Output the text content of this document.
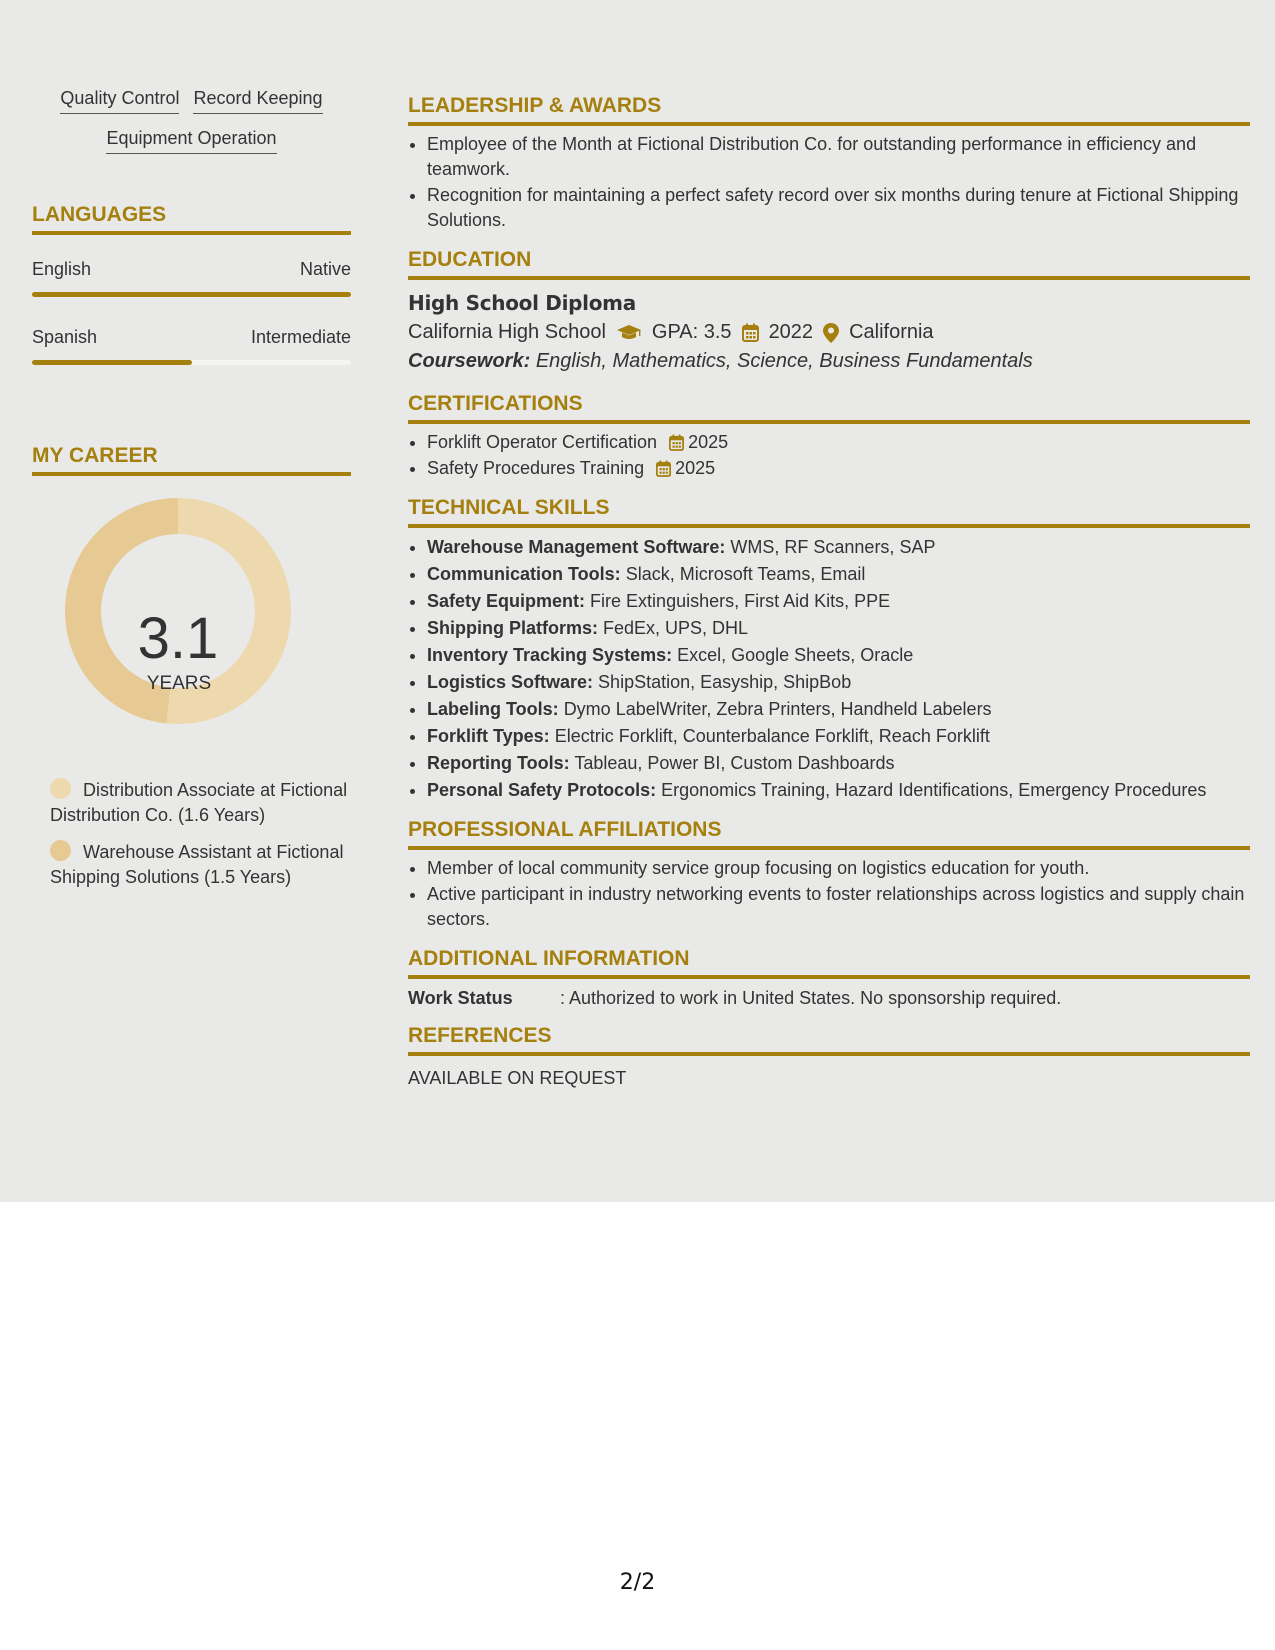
Quality Control Record Keeping
Equipment Operation
LANGUAGES
English	Native
Spanish	Intermediate
MY CAREER
3.1
YEARS
Distribution Associate at Fictional Distribution Co. (1.6 Years)
Warehouse Assistant at Fictional Shipping Solutions (1.5 Years)
LEADERSHIP & AWARDS
• Employee of the Month at Fictional Distribution Co. for outstanding performance in efficiency and teamwork.
• Recognition for maintaining a perfect safety record over six months during tenure at Fictional Shipping Solutions.
EDUCATION
High School Diploma
California High School GPA: 3.5 2022 California
Coursework: English, Mathematics, Science, Business Fundamentals
CERTIFICATIONS
• Forklift Operator Certification 2025
• Safety Procedures Training 2025
TECHNICAL SKILLS
• Warehouse Management Software: WMS, RF Scanners, SAP
• Communication Tools: Slack, Microsoft Teams, Email
• Safety Equipment: Fire Extinguishers, First Aid Kits, PPE
• Shipping Platforms: FedEx, UPS, DHL
• Inventory Tracking Systems: Excel, Google Sheets, Oracle
• Logistics Software: ShipStation, Easyship, ShipBob
• Labeling Tools: Dymo LabelWriter, Zebra Printers, Handheld Labelers
• Forklift Types: Electric Forklift, Counterbalance Forklift, Reach Forklift
• Reporting Tools: Tableau, Power BI, Custom Dashboards
• Personal Safety Protocols: Ergonomics Training, Hazard Identifications, Emergency Procedures
PROFESSIONAL AFFILIATIONS
• Member of local community service group focusing on logistics education for youth.
• Active participant in industry networking events to foster relationships across logistics and supply chain sectors.
ADDITIONAL INFORMATION
Work Status	: Authorized to work in United States. No sponsorship required.
REFERENCES
AVAILABLE ON REQUEST
2/2
